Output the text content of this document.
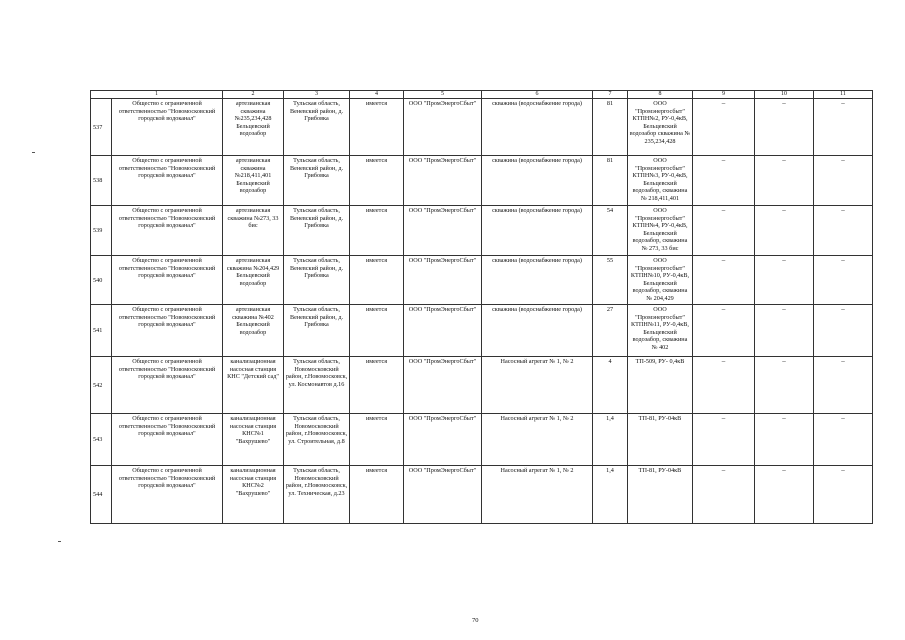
1		2	3	4	5	6	7	8	9	10	11
537	Общество с ограниченной ответственностью "Новомосковский городской водоканал"	артезианская скважина №235,234,428 Бельцевский водозабор	Тульская область, Веневский район, д. Грибовка	имеется	ООО "ПромЭнергоСбыт"	скважина (водоснабжение города)	81	ООО "Промэнергосбыт" КТПН№2, РУ-0,4кВ, Бельцевский водозабор скважина № 235,234,428	–	–	–
538	Общество с ограниченной ответственностью "Новомосковский городской водоканал"	артезианская скважина №218,411,401 Бельцевский водозабор	Тульская область, Веневский район, д. Грибовка	имеется	ООО "ПромЭнергоСбыт"	скважина (водоснабжение города)	81	ООО "Промэнергосбыт" КТПН№3, РУ-0,4кВ, Бельцевский водозабор, скважина № 218,411,401	–	–	–
539	Общество с ограниченной ответственностью "Новомосковский городской водоканал"	артезианская скважина №273, 33 бис	Тульская область, Веневский район, д. Грибовка	имеется	ООО "ПромЭнергоСбыт"	скважина (водоснабжение города)	54	ООО "Промэнергосбыт" КТПН№4, РУ-0,4кВ, Бельцевский водозабор, скважина № 273, 33 бис	–	–	–
540	Общество с ограниченной ответственностью "Новомосковский городской водоканал"	артезианская скважина №204,429 Бельцевский водозабор	Тульская область, Веневский район, д. Грибовка	имеется	ООО "ПромЭнергоСбыт"	скважина (водоснабжение города)	55	ООО "Промэнергосбыт" КТПН№10, РУ-0,4кВ, Бельцевский водозабор, скважина № 204,429	–	–	–
541	Общество с ограниченной ответственностью "Новомосковский городской водоканал"	артезианская скважина №402 Бельцевский водозабор	Тульская область, Веневский район, д. Грибовка	имеется	ООО "ПромЭнергоСбыт"	скважина (водоснабжение города)	27	ООО "Промэнергосбыт" КТПН№11, РУ-0,4кВ, Бельцевский водозабор, скважина № 402	–	–	–
542	Общество с ограниченной ответственностью "Новомосковский городской водоканал"	канализационная насосная станция КНС "Детский сад"	Тульская область, Новомосковский район, г.Новомосковск, ул. Космонавтов д.16	имеется	ООО "ПромЭнергоСбыт"	Насосный агрегат № 1, № 2	4	ТП-509, РУ- 0,4кВ	–	–	–
543	Общество с ограниченной ответственностью "Новомосковский городской водоканал"	канализационная насосная станция КНС№1 "Вахрушево"	Тульская область, Новомосковский район, г.Новомосковск, ул. Строительная, д.8	имеется	ООО "ПромЭнергоСбыт"	Насосный агрегат № 1, № 2	1,4	ТП-81, РУ-04кВ	–	–	–
544	Общество с ограниченной ответственностью "Новомосковский городской водоканал"	канализационная насосная станция КНС№2 "Вахрушево"	Тульская область, Новомосковский район, г.Новомосковск, ул. Техническая, д.23	имеется	ООО "ПромЭнергоСбыт"	Насосный агрегат № 1, № 2	1,4	ТП-81, РУ-04кВ	–	–	–
70
